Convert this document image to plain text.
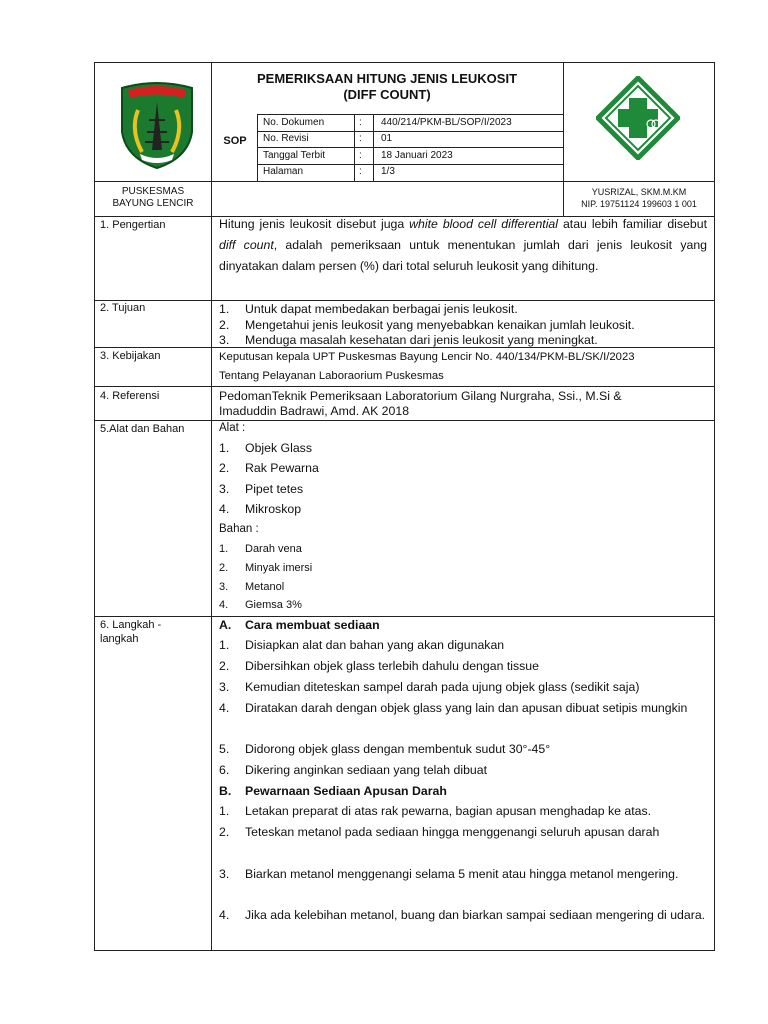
PEMERIKSAAN HITUNG JENIS LEUKOSIT
(DIFF COUNT)
SOP
No. Dokumen	: 440/214/PKM-BL/SOP/I/2023
No. Revisi	: 01
Tanggal Terbit	: 18 Januari 2023
Halaman	: 1/3
PUSKESMAS
BAYUNG LENCIR
YUSRIZAL, SKM.M.KM
NIP. 19751124 199603 1 001
1. Pengertian	Hitung jenis leukosit disebut juga white blood cell differential atau lebih familiar disebut diff count, adalah pemeriksaan untuk menentukan jumlah dari jenis leukosit yang dinyatakan dalam persen (%) dari total seluruh leukosit yang dihitung.
2. Tujuan	1. Untuk dapat membedakan berbagai jenis leukosit.
2. Mengetahui jenis leukosit yang menyebabkan kenaikan jumlah leukosit.
3. Menduga masalah kesehatan dari jenis leukosit yang meningkat.
3. Kebijakan	Keputusan kepala UPT Puskesmas Bayung Lencir No. 440/134/PKM-BL/SK/I/2023
Tentang Pelayanan Laboraorium Puskesmas
4. Referensi	PedomanTeknik Pemeriksaan Laboratorium Gilang Nurgraha, Ssi., M.Si &
Imaduddin Badrawi, Amd. AK 2018
5.Alat dan Bahan	Alat :
1. Objek Glass
2. Rak Pewarna
3. Pipet tetes
4. Mikroskop
Bahan :
1. Darah vena
2. Minyak imersi
3. Metanol
4. Giemsa 3%
6. Langkah -
langkah
A. Cara membuat sediaan
1. Disiapkan alat dan bahan yang akan digunakan
2. Dibersihkan objek glass terlebih dahulu dengan tissue
3. Kemudian diteteskan sampel darah pada ujung objek glass (sedikit saja)
4. Diratakan darah dengan objek glass yang lain dan apusan dibuat setipis mungkin
5. Didorong objek glass dengan membentuk sudut 30°-45°
6. Dikering anginkan sediaan yang telah dibuat
B. Pewarnaan Sediaan Apusan Darah
1. Letakan preparat di atas rak pewarna, bagian apusan menghadap ke atas.
2. Teteskan metanol pada sediaan hingga menggenangi seluruh apusan darah
3. Biarkan metanol menggenangi selama 5 menit atau hingga metanol mengering.
4. Jika ada kelebihan metanol, buang dan biarkan sampai sediaan mengering di udara.
